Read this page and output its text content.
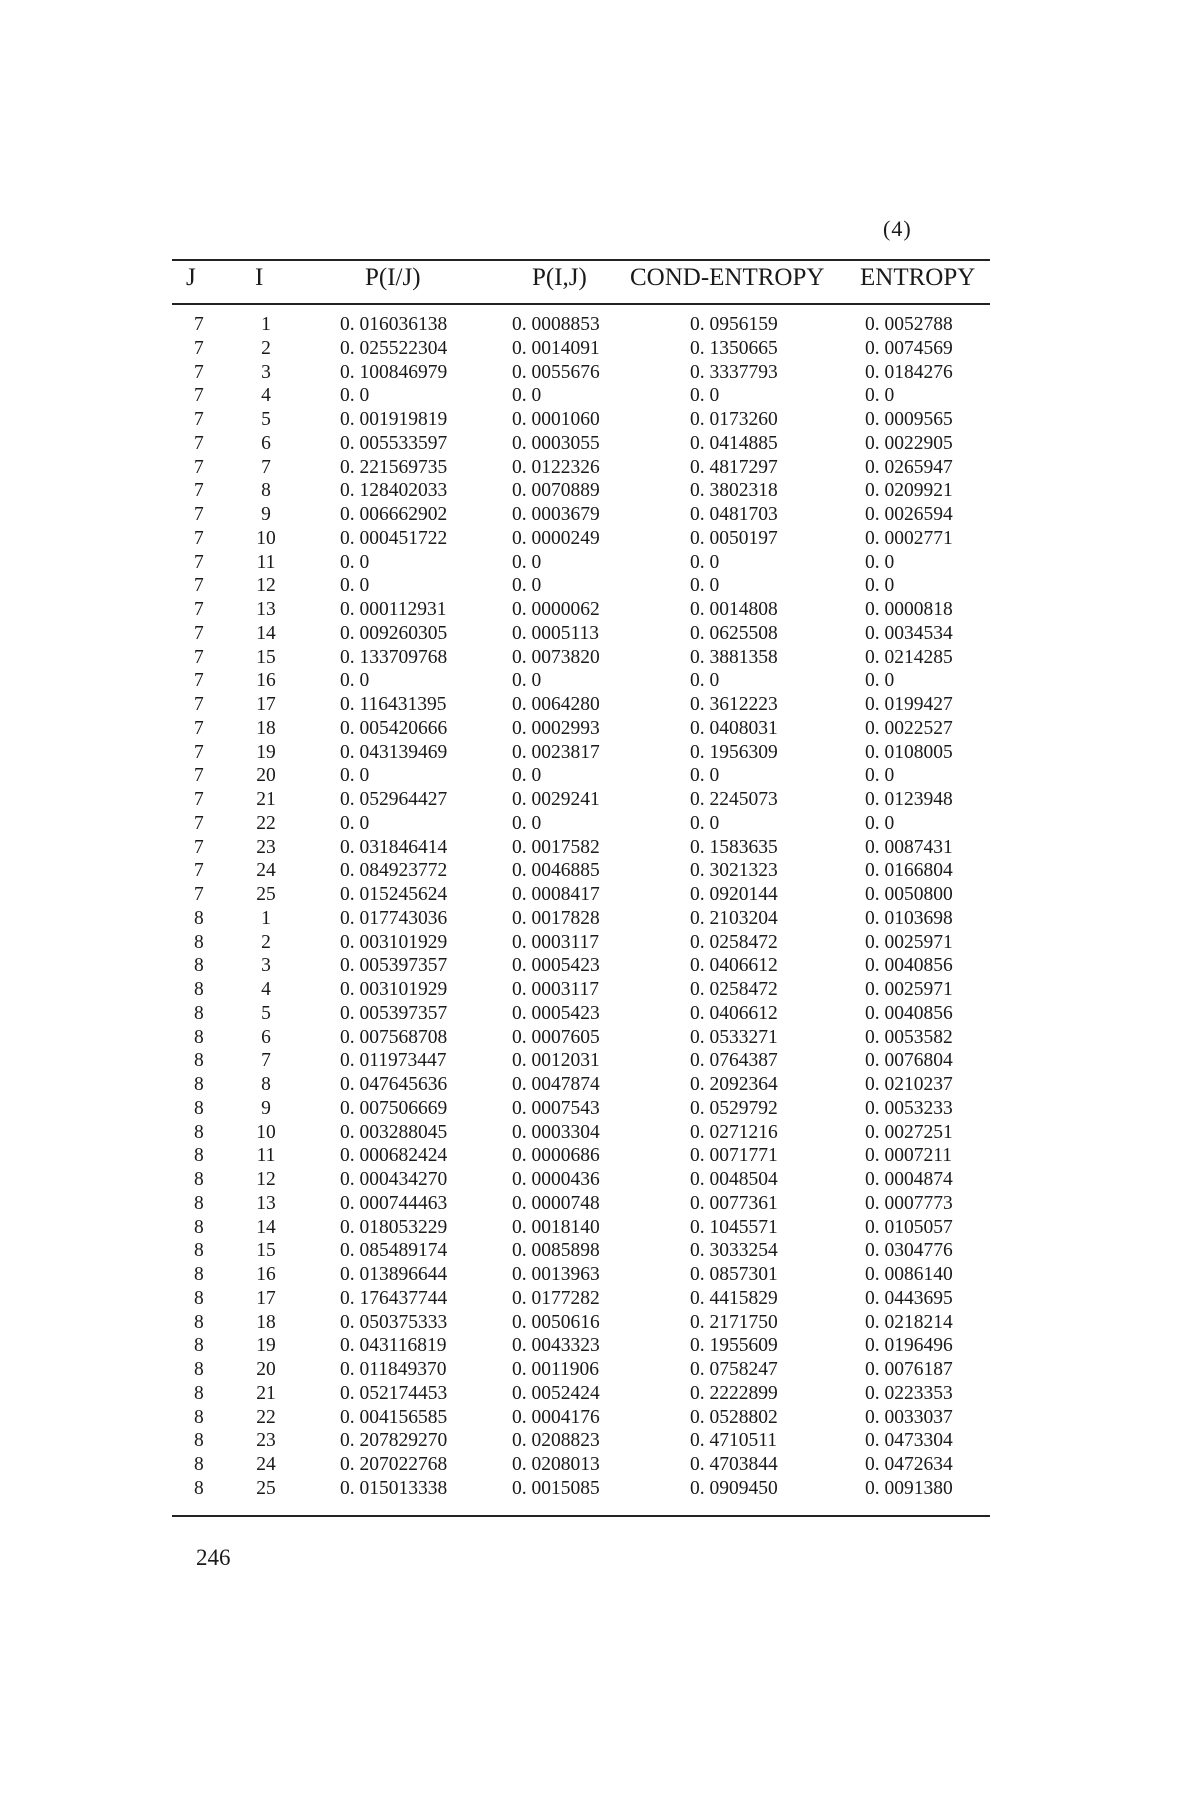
(4)
J I	P(I/J)	P(I,J) COND-ENTROPY ENTROPY
7	1	0. 016036138	0. 0008853	0. 0956159	0. 0052788
7	2	0. 025522304	0. 0014091	0. 1350665	0. 0074569
7	3	0. 100846979	0. 0055676	0. 3337793	0. 0184276
7	4	0. 0	0. 0	0. 0	0. 0
7	5	0. 001919819	0. 0001060	0. 0173260	0. 0009565
7	6	0. 005533597	0. 0003055	0. 0414885	0. 0022905
7	7	0. 221569735	0. 0122326	0. 4817297	0. 0265947
7	8	0. 128402033	0. 0070889	0. 3802318	0. 0209921
7	9	0. 006662902	0. 0003679	0. 0481703	0. 0026594
7	10	0. 000451722	0. 0000249	0. 0050197	0. 0002771
7	11	0. 0	0. 0	0. 0	0. 0
7	12	0. 0	0. 0	0. 0	0. 0
7	13	0. 000112931	0. 0000062	0. 0014808	0. 0000818
7	14	0. 009260305	0. 0005113	0. 0625508	0. 0034534
7	15	0. 133709768	0. 0073820	0. 3881358	0. 0214285
7	16	0. 0	0. 0	0. 0	0. 0
7	17	0. 116431395	0. 0064280	0. 3612223	0. 0199427
7	18	0. 005420666	0. 0002993	0. 0408031	0. 0022527
7	19	0. 043139469	0. 0023817	0. 1956309	0. 0108005
7	20	0. 0	0. 0	0. 0	0. 0
7	21	0. 052964427	0. 0029241	0. 2245073	0. 0123948
7	22	0. 0	0. 0	0. 0	0. 0
7	23	0. 031846414	0. 0017582	0. 1583635	0. 0087431
7	24	0. 084923772	0. 0046885	0. 3021323	0. 0166804
7	25	0. 015245624	0. 0008417	0. 0920144	0. 0050800
8	1	0. 017743036	0. 0017828	0. 2103204	0. 0103698
8	2	0. 003101929	0. 0003117	0. 0258472	0. 0025971
8	3	0. 005397357	0. 0005423	0. 0406612	0. 0040856
8	4	0. 003101929	0. 0003117	0. 0258472	0. 0025971
8	5	0. 005397357	0. 0005423	0. 0406612	0. 0040856
8	6	0. 007568708	0. 0007605	0. 0533271	0. 0053582
8	7	0. 011973447	0. 0012031	0. 0764387	0. 0076804
8	8	0. 047645636	0. 0047874	0. 2092364	0. 0210237
8	9	0. 007506669	0. 0007543	0. 0529792	0. 0053233
8	10	0. 003288045	0. 0003304	0. 0271216	0. 0027251
8	11	0. 000682424	0. 0000686	0. 0071771	0. 0007211
8	12	0. 000434270	0. 0000436	0. 0048504	0. 0004874
8	13	0. 000744463	0. 0000748	0. 0077361	0. 0007773
8	14	0. 018053229	0. 0018140	0. 1045571	0. 0105057
8	15	0. 085489174	0. 0085898	0. 3033254	0. 0304776
8	16	0. 013896644	0. 0013963	0. 0857301	0. 0086140
8	17	0. 176437744	0. 0177282	0. 4415829	0. 0443695
8	18	0. 050375333	0. 0050616	0. 2171750	0. 0218214
8	19	0. 043116819	0. 0043323	0. 1955609	0. 0196496
8	20	0. 011849370	0. 0011906	0. 0758247	0. 0076187
8	21	0. 052174453	0. 0052424	0. 2222899	0. 0223353
8	22	0. 004156585	0. 0004176	0. 0528802	0. 0033037
8	23	0. 207829270	0. 0208823	0. 4710511	0. 0473304
8	24	0. 207022768	0. 0208013	0. 4703844	0. 0472634
8	25	0. 015013338	0. 0015085	0. 0909450	0. 0091380
246
